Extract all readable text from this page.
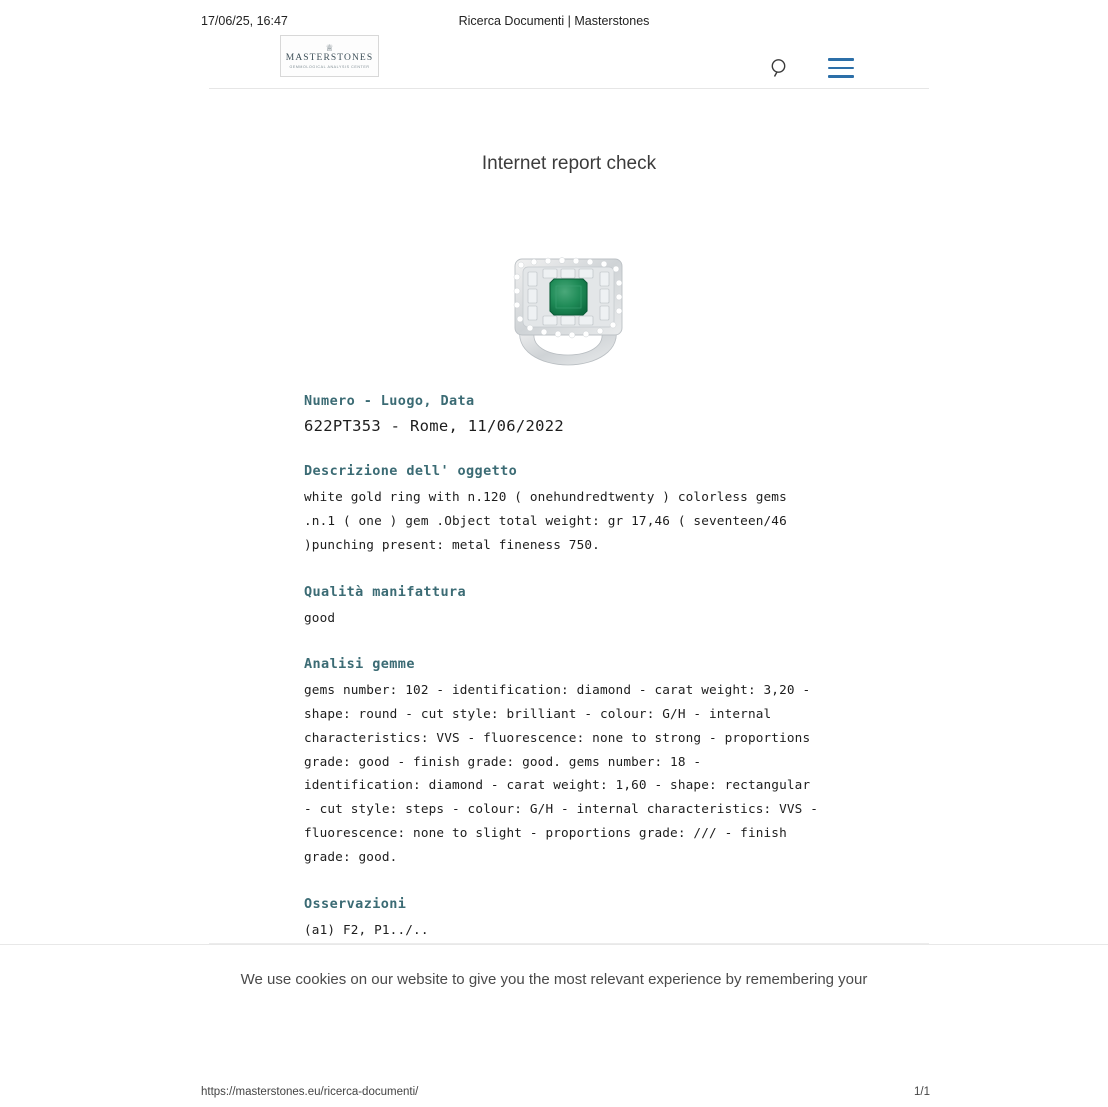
17/06/25, 16:47	Ricerca Documenti | Masterstones
♕
MASTERSTONES
GEMMOLOGICAL ANALYSIS CENTER
Internet report check

Numero - Luogo, Data

622PT353 - Rome, 11/06/2022

Descrizione dell' oggetto

white gold ring with n.120 ( onehundredtwenty ) colorless gems .n.1 ( one ) gem .Object total weight: gr 17,46 ( seventeen/46 )punching present: metal fineness 750.

Qualità manifattura

good

Analisi gemme

gems number: 102 - identification: diamond - carat weight: 3,20 - shape: round - cut style: brilliant - colour: G/H - internal characteristics: VVS - fluorescence: none to strong - proportions grade: good - finish grade: good. gems number: 18 - identification: diamond - carat weight: 1,60 - shape: rectangular - cut style: steps - colour: G/H - internal characteristics: VVS - fluorescence: none to slight - proportions grade: /// - finish grade: good.

Osservazioni

(a1) F2, P1../..

We use cookies on our website to give you the most relevant experience by remembering your
https://masterstones.eu/ricerca-documenti/	1/1
